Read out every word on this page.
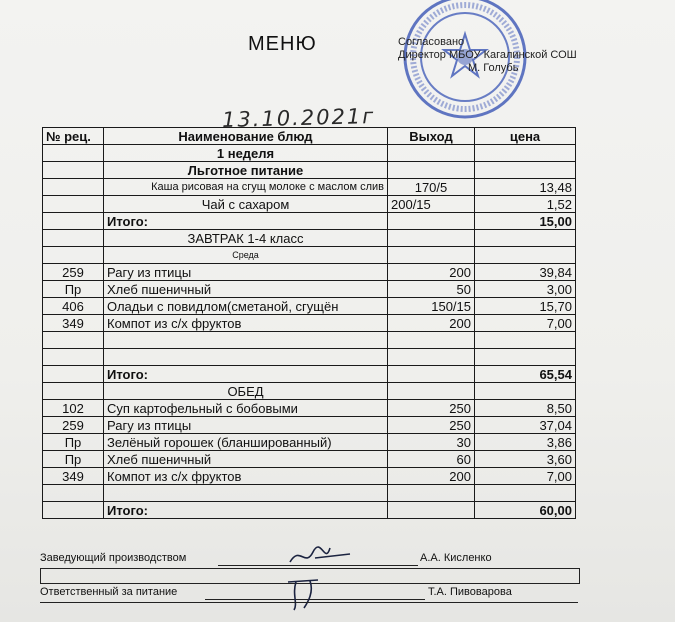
МЕНЮ	Согласовано
Директор МБОУ Кагалинской СОШ
М. Голубь
13.10.2021г
№ рец.	Наименование блюд	Выход	цена
	1 неделя		
	Льготное питание		
	Каша рисовая на сгущ молоке с маслом слив	170/5	13,48
	Чай с сахаром	200/15	1,52
	Итого:		15,00
	ЗАВТРАК 1-4 класс		
	Среда		
259	Рагу из птицы	200	39,84
Пр	Хлеб пшеничный	50	3,00
406	Оладьи с повидлом(сметаной, сгущён	150/15	15,70
349	Компот из с/х фруктов	200	7,00

	Итого:		65,54
	ОБЕД		
102	Суп картофельный с бобовыми	250	8,50
259	Рагу из птицы	250	37,04
Пр	Зелёный горошек (бланшированный)	30	3,86
Пр	Хлеб пшеничный	60	3,60
349	Компот из с/х фруктов	200	7,00

	Итого:		60,00
Заведующий производством	А.А. Кисленко
Ответственный за питание	Т.А. Пивоварова
